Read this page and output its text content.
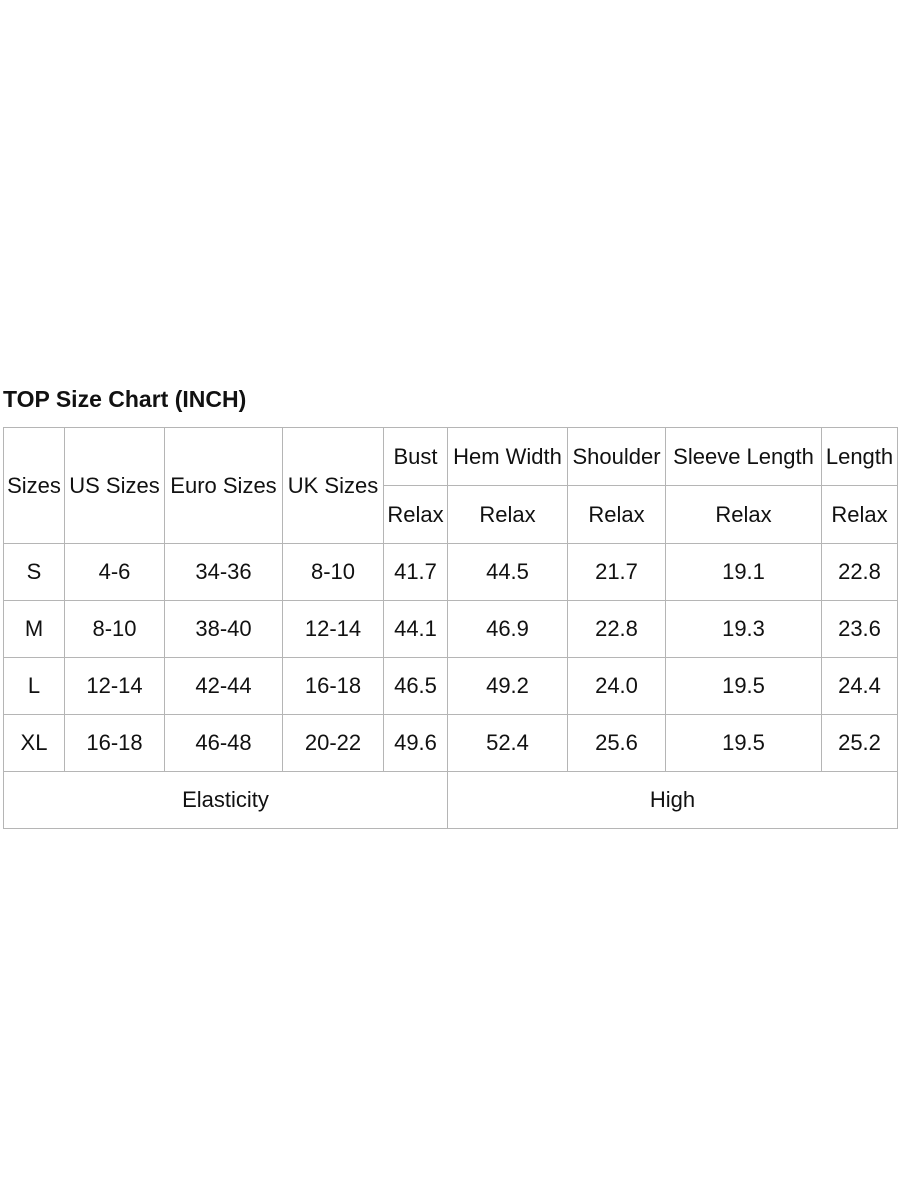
TOP Size Chart (INCH)
Sizes	US Sizes	Euro Sizes	UK Sizes	Bust	Hem Width	Shoulder	Sleeve Length	Length
				Relax	Relax	Relax	Relax	Relax
S	4-6	34-36	8-10	41.7	44.5	21.7	19.1	22.8
M	8-10	38-40	12-14	44.1	46.9	22.8	19.3	23.6
L	12-14	42-44	16-18	46.5	49.2	24.0	19.5	24.4
XL	16-18	46-48	20-22	49.6	52.4	25.6	19.5	25.2
Elasticity					High			
